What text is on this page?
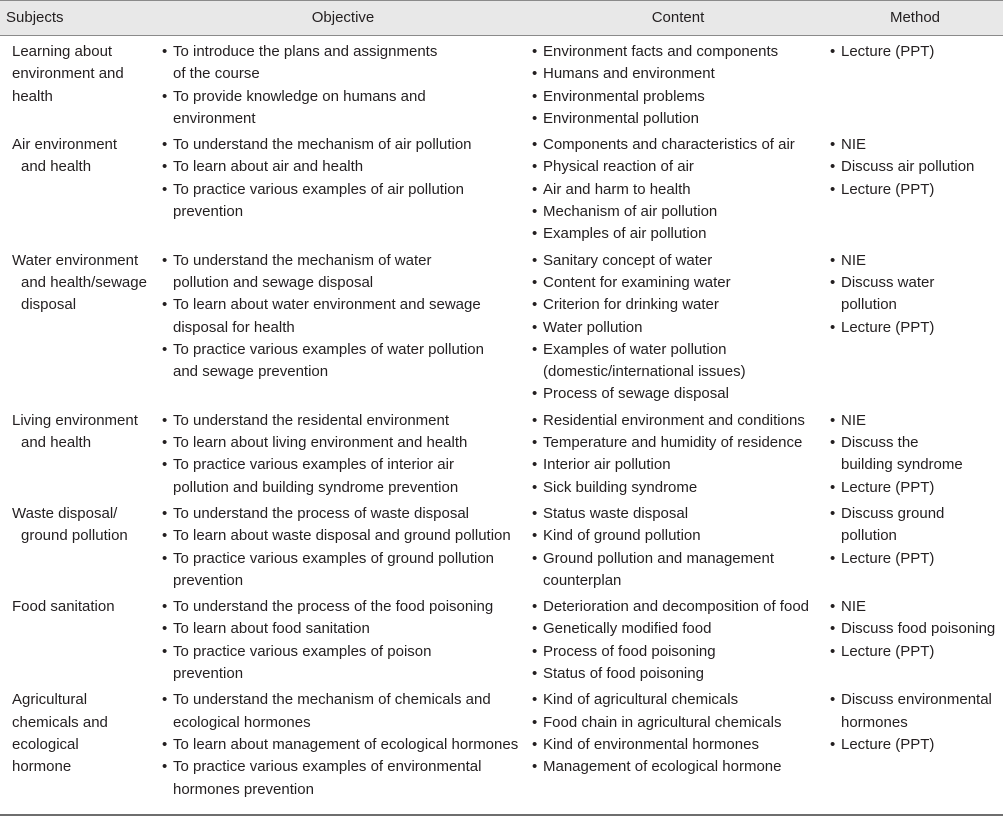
Subjects	Objective	Content	Method
Learning about
environment and
health
• To introduce the plans and assignments
of the course
• To provide knowledge on humans and
environment
• Environment facts and components
• Humans and environment
• Environmental problems
• Environmental pollution
• Lecture (PPT)
Air environment
and health
• To understand the mechanism of air pollution
• To learn about air and health
• To practice various examples of air pollution
prevention
• Components and characteristics of air
• Physical reaction of air
• Air and harm to health
• Mechanism of air pollution
• Examples of air pollution
• NIE
• Discuss air pollution
• Lecture (PPT)
Water environment
and health/sewage
disposal
• To understand the mechanism of water
pollution and sewage disposal
• To learn about water environment and sewage
disposal for health
• To practice various examples of water pollution
and sewage prevention
• Sanitary concept of water
• Content for examining water
• Criterion for drinking water
• Water pollution
• Examples of water pollution
(domestic/international issues)
• Process of sewage disposal
• NIE
• Discuss water
pollution
• Lecture (PPT)
Living environment
and health
• To understand the residental environment
• To learn about living environment and health
• To practice various examples of interior air
pollution and building syndrome prevention
• Residential environment and conditions
• Temperature and humidity of residence
• Interior air pollution
• Sick building syndrome
• NIE
• Discuss the
building syndrome
• Lecture (PPT)
Waste disposal/
ground pollution
• To understand the process of waste disposal
• To learn about waste disposal and ground pollution
• To practice various examples of ground pollution
prevention
• Status waste disposal
• Kind of ground pollution
• Ground pollution and management
counterplan
• Discuss ground
pollution
• Lecture (PPT)
Food sanitation
•	To understand the process of the food poisoning
• To learn about food sanitation
• To practice various examples of poison
prevention
• Deterioration and decomposition of food
• Genetically modified food
• Process of food poisoning
• Status of food poisoning
• NIE
• Discuss food poisoning
• Lecture (PPT)
Agricultural
chemicals and
ecological
hormone
• To understand the mechanism of chemicals and
ecological hormones
• To learn about management of ecological hormones
• To practice various examples of environmental
hormones prevention
• Kind of agricultural chemicals
• Food chain in agricultural chemicals
• Kind of environmental hormones
• Management of ecological hormone
• Discuss environmental
hormones
• Lecture (PPT)
